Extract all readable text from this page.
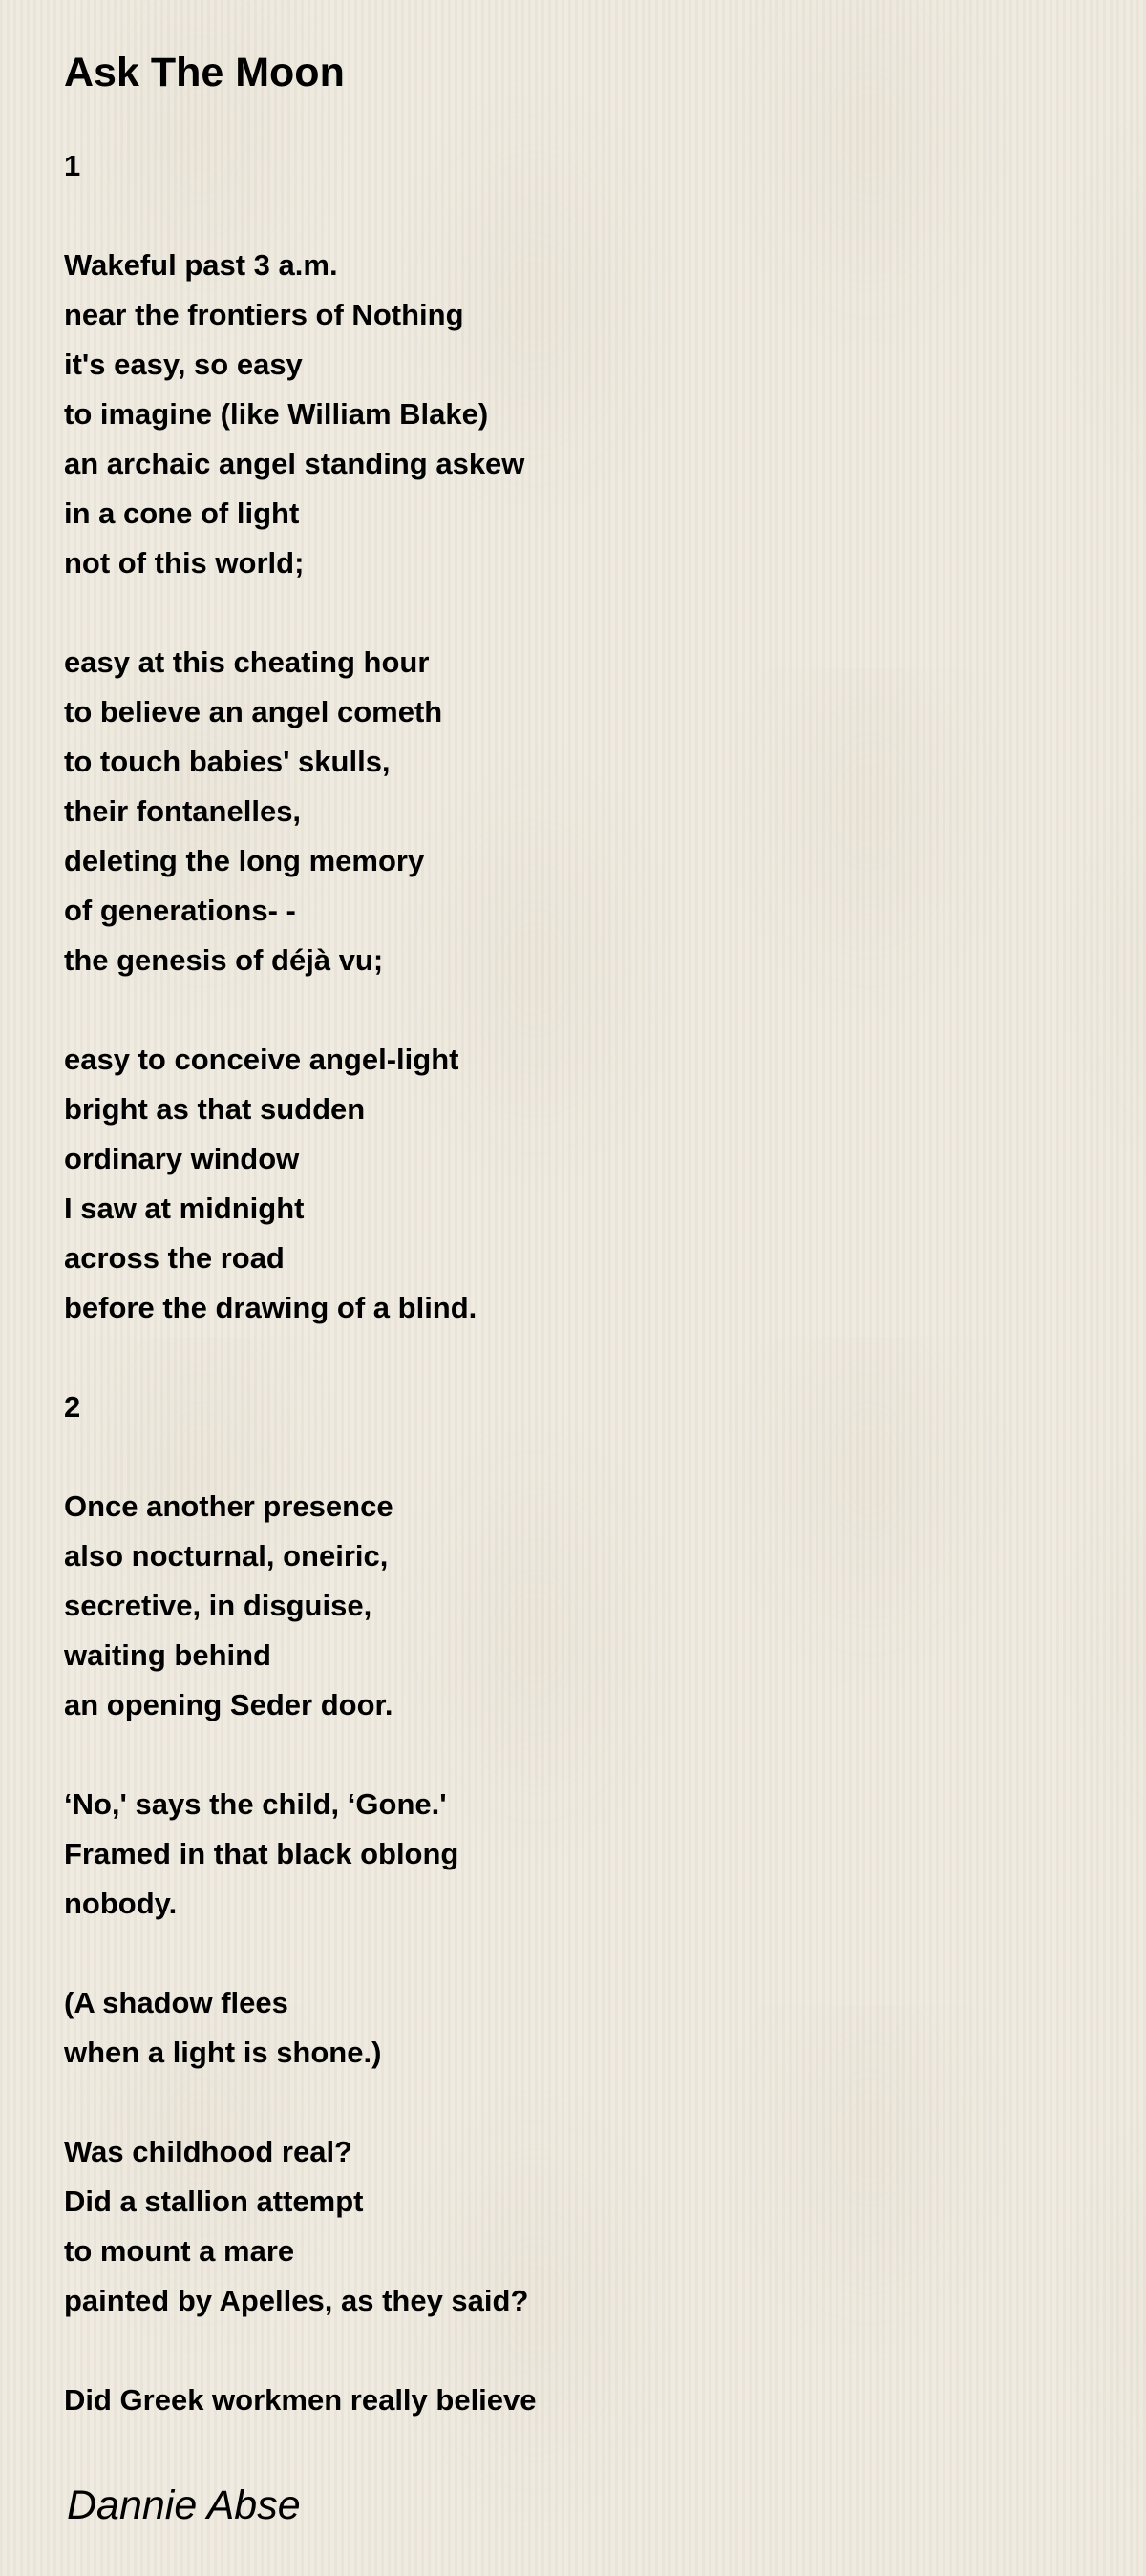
Ask The Moon
1
Wakeful past 3 a.m.
near the frontiers of Nothing
it's easy, so easy
to imagine (like William Blake)
an archaic angel standing askew
in a cone of light
not of this world;
easy at this cheating hour
to believe an angel cometh
to touch babies' skulls,
their fontanelles,
deleting the long memory
of generations- -
the genesis of déjà vu;
easy to conceive angel-light
bright as that sudden
ordinary window
I saw at midnight
across the road
before the drawing of a blind.
2
Once another presence
also nocturnal, oneiric,
secretive, in disguise,
waiting behind
an opening Seder door.
‘No,' says the child, ‘Gone.'
Framed in that black oblong
nobody.
(A shadow flees
when a light is shone.)
Was childhood real?
Did a stallion attempt
to mount a mare
painted by Apelles, as they said?
Did Greek workmen really believe
Dannie Abse
